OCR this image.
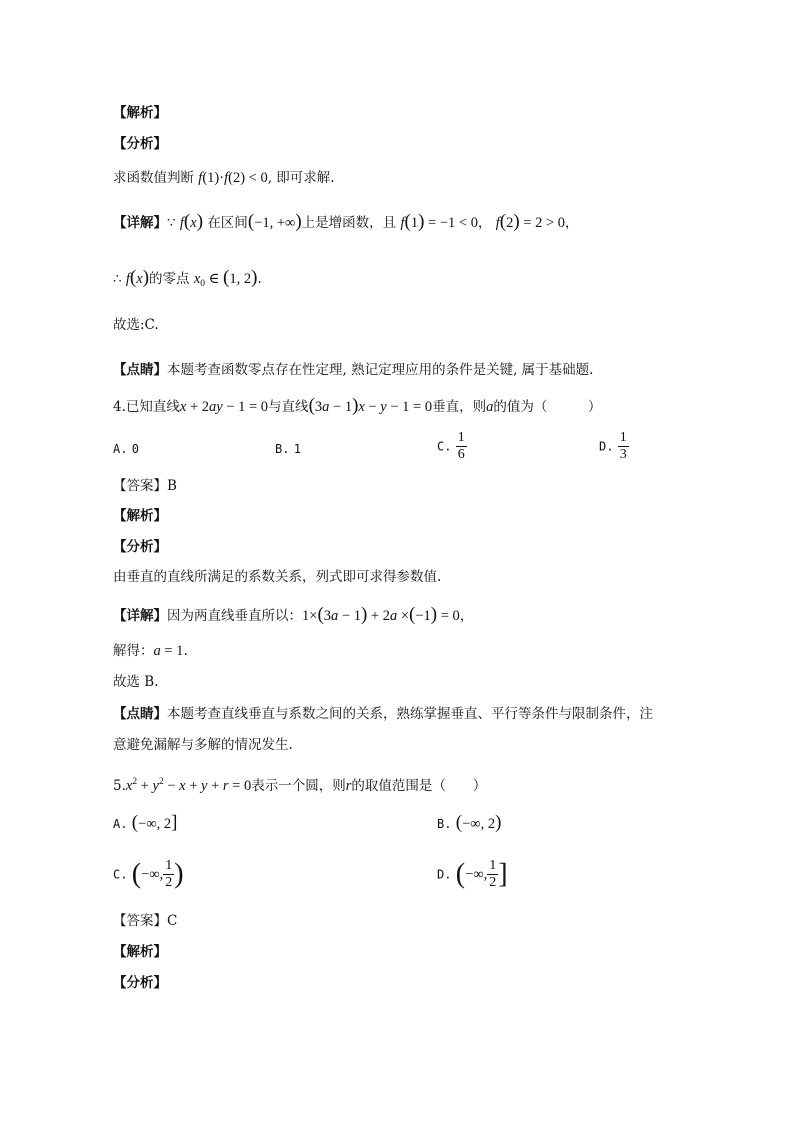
【解析】
【分析】
求函数值判断 f(1)·f(2) < 0, 即可求解.
【详解】∵ f(x) 在区间(−1, +∞)上是增函数，且 f(1) = −1 < 0， f(2) = 2 > 0，
∴ f(x)的零点 $x_0$ ∈ (1, 2).
故选:C.
【点睛】本题考查函数零点存在性定理, 熟记定理应用的条件是关键, 属于基础题.
4.已知直线x + 2ay − 1 = 0与直线(3a − 1)x − y − 1 = 0垂直，则a的值为（　　　）
A. 0	B. 1	C. $\frac{1}{6}$	D. $\frac{1}{3}$
【答案】B
【解析】
【分析】
由垂直的直线所满足的系数关系，列式即可求得参数值.
【详解】因为两直线垂直所以：1×(3a − 1) + 2a ×(−1) = 0，
解得：a = 1.
故选 B.
【点睛】本题考查直线垂直与系数之间的关系，熟练掌握垂直、平行等条件与限制条件，注
意避免漏解与多解的情况发生.
$5.x^2 + y^2 - x + y + r = 0$表示一个圆，则r的取值范围是（　　）
A. (−∞, 2]	B. (−∞, 2)
C. (−∞, $\frac{1}{2}$ )	D. (−∞, $\frac{1}{2}$ ]
【答案】C
【解析】
【分析】
